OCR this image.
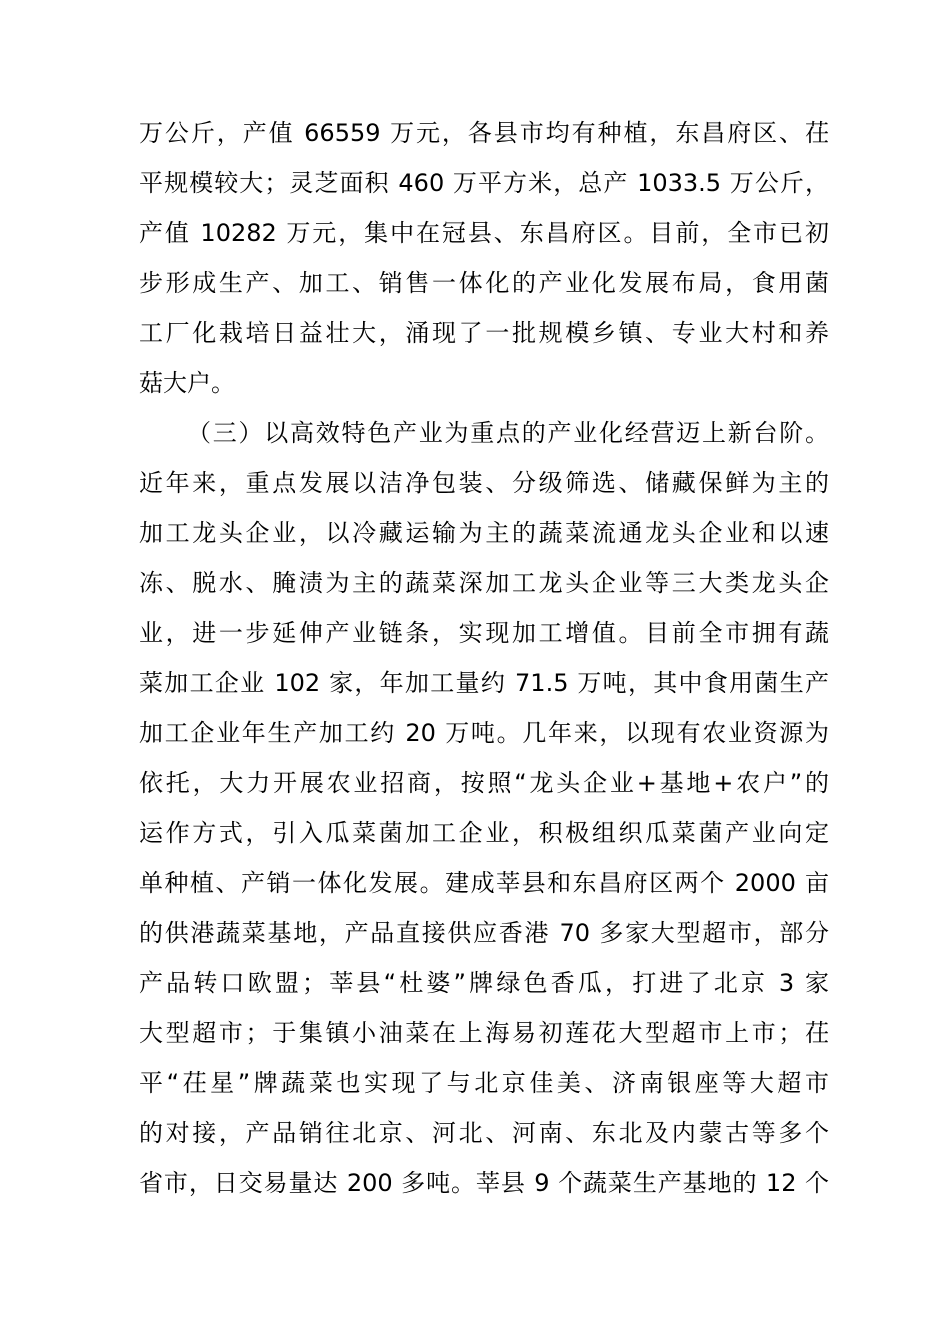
万公斤，产值 66559 万元，各县市均有种植，东昌府区、茌
平规模较大；灵芝面积 460 万平方米，总产 1033.5 万公斤，
产值 10282 万元，集中在冠县、东昌府区。目前，全市已初
步形成生产、加工、销售一体化的产业化发展布局，食用菌
工厂化栽培日益壮大，涌现了一批规模乡镇、专业大村和养
菇大户。
（三）以高效特色产业为重点的产业化经营迈上新台阶。
近年来，重点发展以洁净包装、分级筛选、储藏保鲜为主的
加工龙头企业，以冷藏运输为主的蔬菜流通龙头企业和以速
冻、脱水、腌渍为主的蔬菜深加工龙头企业等三大类龙头企
业，进一步延伸产业链条，实现加工增值。目前全市拥有蔬
菜加工企业 102 家，年加工量约 71.5 万吨，其中食用菌生产
加工企业年生产加工约 20 万吨。几年来，以现有农业资源为
依托，大力开展农业招商，按照“龙头企业+基地+农户”的
运作方式，引入瓜菜菌加工企业，积极组织瓜菜菌产业向定
单种植、产销一体化发展。建成莘县和东昌府区两个 2000 亩
的供港蔬菜基地，产品直接供应香港 70 多家大型超市，部分
产品转口欧盟；莘县“杜婆”牌绿色香瓜，打进了北京 3 家
大型超市；于集镇小油菜在上海易初莲花大型超市上市；茌
平“茌星”牌蔬菜也实现了与北京佳美、济南银座等大超市
的对接，产品销往北京、河北、河南、东北及内蒙古等多个
省市，日交易量达 200 多吨。莘县 9 个蔬菜生产基地的 12 个
